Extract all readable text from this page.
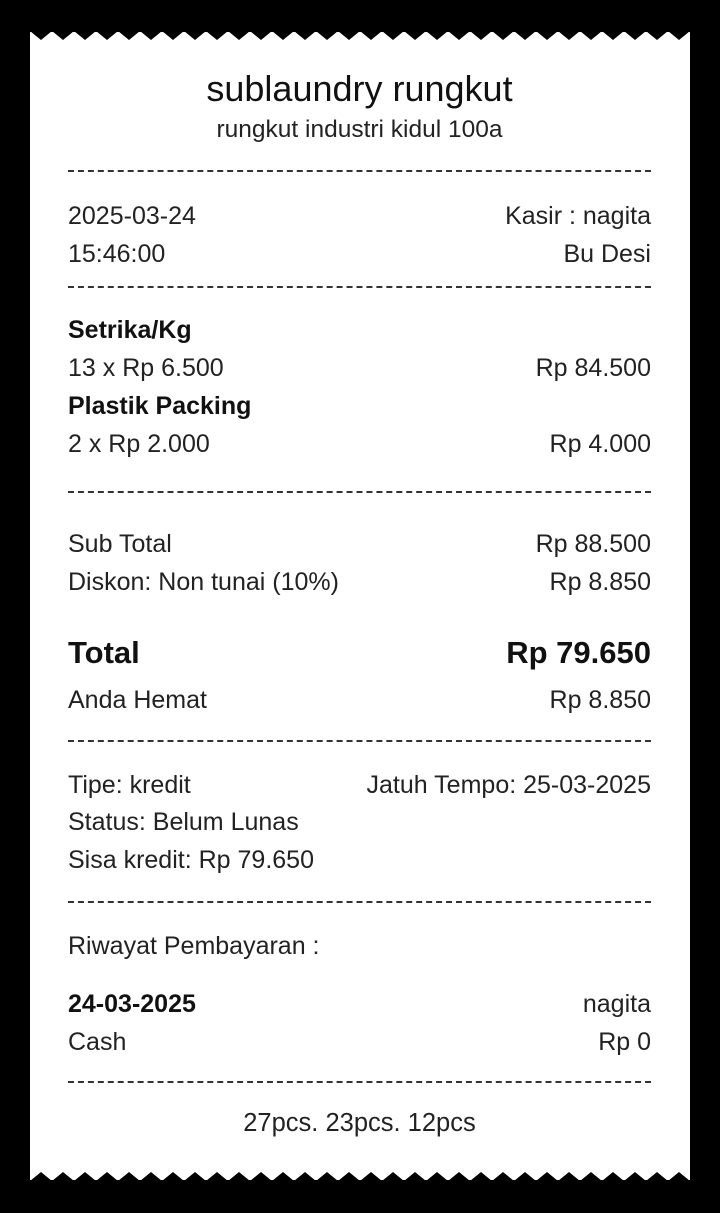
sublaundry rungkut
rungkut industri kidul 100a
2025-03-24	Kasir : nagita
15:46:00	Bu Desi
Setrika/Kg
13 x Rp 6.500	Rp 84.500
Plastik Packing
2 x Rp 2.000	Rp 4.000
Sub Total	Rp 88.500
Diskon: Non tunai (10%)	Rp 8.850
Total	Rp 79.650
Anda Hemat	Rp 8.850
Tipe: kredit	Jatuh Tempo: 25-03-2025
Status: Belum Lunas
Sisa kredit: Rp 79.650
Riwayat Pembayaran :
24-03-2025	nagita
Cash	Rp 0
27pcs. 23pcs. 12pcs
